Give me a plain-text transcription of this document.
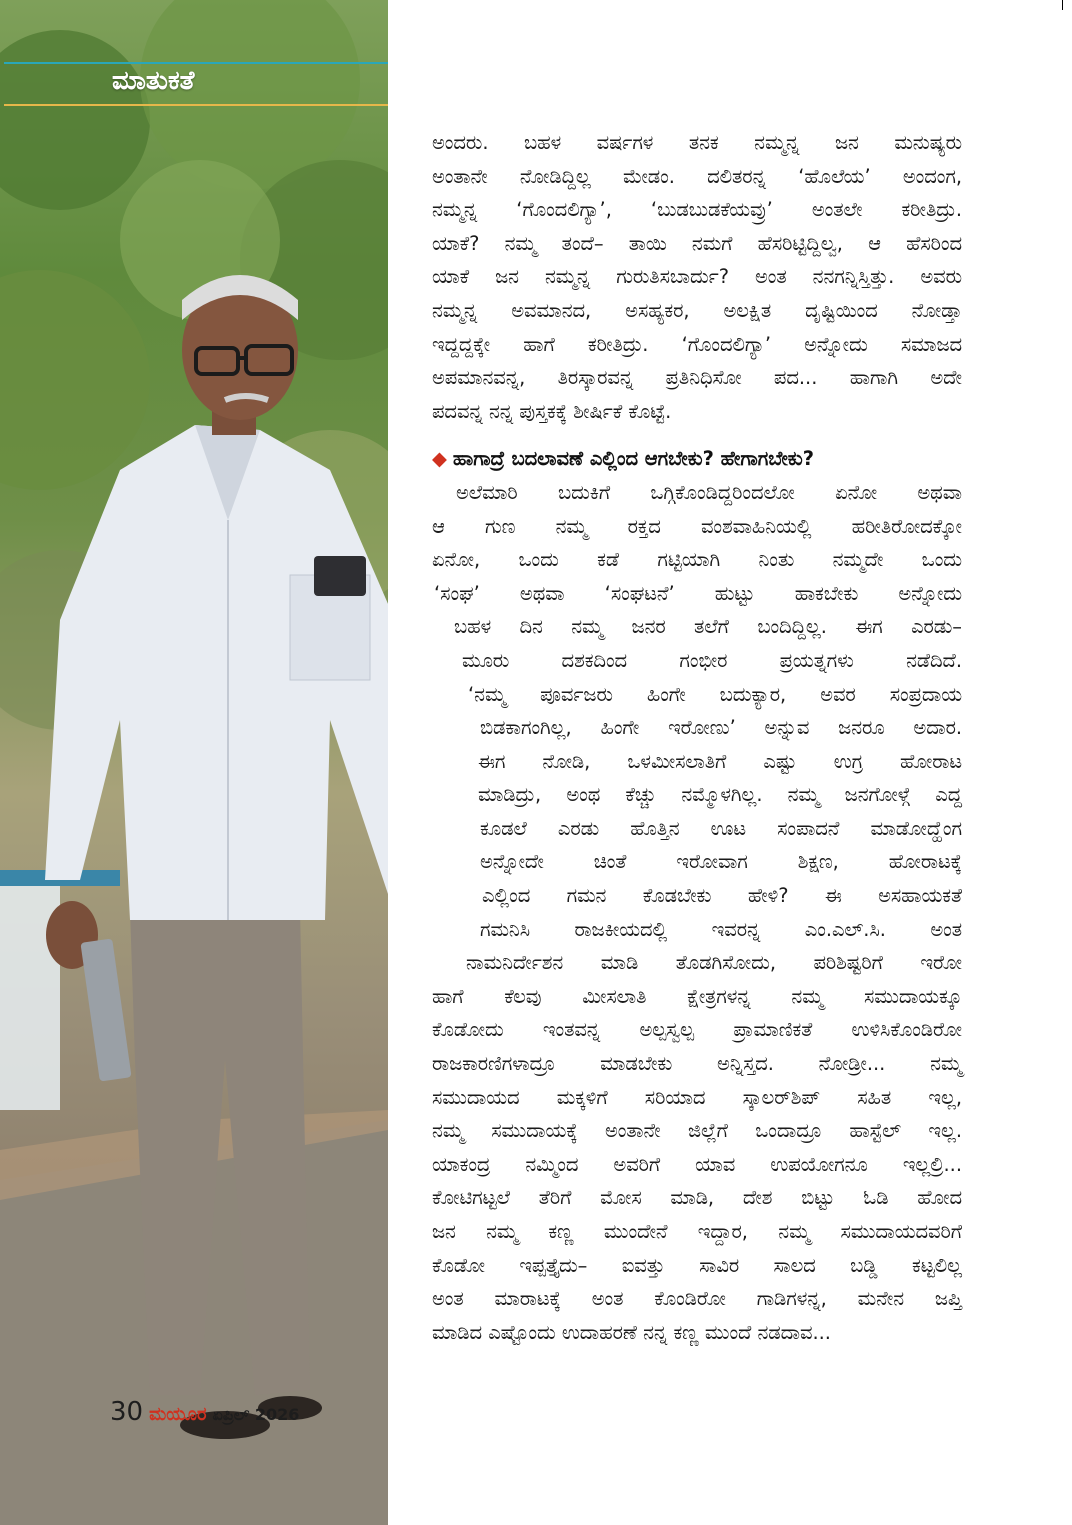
ಮಾತುಕತೆ
30 ಮಯೂರ ಏಪ್ರಿಲ್ 2026
ಅಂದರು. ಬಹಳ ವರ್ಷಗಳ ತನಕ ನಮ್ಮನ್ನ ಜನ ಮನುಷ್ಯರು
ಅಂತಾನೇ ನೋಡಿದ್ದಿಲ್ಲ ಮೇಡಂ. ದಲಿತರನ್ನ ‘ಹೊಲೆಯ’ ಅಂದಂಗ,
ನಮ್ಮನ್ನ ‘ಗೊಂದಲಿಗ್ಯಾ’, ‘ಬುಡಬುಡಕೆಯವ್ರು’ ಅಂತಲೇ ಕರೀತಿದ್ರು.
ಯಾಕೆ? ನಮ್ಮ ತಂದೆ– ತಾಯಿ ನಮಗೆ ಹೆಸರಿಟ್ಟಿದ್ದಿಲ್ವ, ಆ ಹೆಸರಿಂದ
ಯಾಕೆ ಜನ ನಮ್ಮನ್ನ ಗುರುತಿಸಬಾರ್ದು? ಅಂತ ನನಗನ್ನಿಸ್ತಿತ್ತು. ಅವರು
ನಮ್ಮನ್ನ ಅವಮಾನದ, ಅಸಹ್ಯಕರ, ಅಲಕ್ಷಿತ ದೃಷ್ಟಿಯಿಂದ ನೋಡ್ತಾ
ಇದ್ದದ್ದಕ್ಕೇ ಹಾಗೆ ಕರೀತಿದ್ರು. ‘ಗೊಂದಲಿಗ್ಯಾ’ ಅನ್ನೋದು ಸಮಾಜದ
ಅಪಮಾನವನ್ನ, ತಿರಸ್ಕಾರವನ್ನ ಪ್ರತಿನಿಧಿಸೋ ಪದ... ಹಾಗಾಗಿ ಅದೇ
ಪದವನ್ನ ನನ್ನ ಪುಸ್ತಕಕ್ಕೆ ಶೀರ್ಷಿಕೆ ಕೊಟ್ಟೆ.
◆ ಹಾಗಾದ್ರೆ ಬದಲಾವಣೆ ಎಲ್ಲಿಂದ ಆಗಬೇಕು? ಹೇಗಾಗಬೇಕು?
ಅಲೆಮಾರಿ ಬದುಕಿಗೆ ಒಗ್ಗಿಕೊಂಡಿದ್ದರಿಂದಲೋ ಏನೋ ಅಥವಾ
ಆ ಗುಣ ನಮ್ಮ ರಕ್ತದ ವಂಶವಾಹಿನಿಯಲ್ಲಿ ಹರೀತಿರೋದಕ್ಕೋ
ಏನೋ, ಒಂದು ಕಡೆ ಗಟ್ಟಿಯಾಗಿ ನಿಂತು ನಮ್ಮದೇ ಒಂದು
‘ಸಂಘ’ ಅಥವಾ ‘ಸಂಘಟನೆ’ ಹುಟ್ಟು ಹಾಕಬೇಕು ಅನ್ನೋದು
ಬಹಳ ದಿನ ನಮ್ಮ ಜನರ ತಲೆಗೆ ಬಂದಿದ್ದಿಲ್ಲ. ಈಗ ಎರಡು–
ಮೂರು ದಶಕದಿಂದ ಗಂಭೀರ ಪ್ರಯತ್ನಗಳು ನಡೆದಿದೆ.
‘ನಮ್ಮ ಪೂರ್ವಜರು ಹಿಂಗೇ ಬದುಕ್ಯಾರ, ಅವರ ಸಂಪ್ರದಾಯ
ಬಿಡಕಾಗಂಗಿಲ್ಲ, ಹಿಂಗೇ ಇರೋಣು’ ಅನ್ನುವ ಜನರೂ ಅದಾರ.
ಈಗ ನೋಡಿ, ಒಳಮೀಸಲಾತಿಗೆ ಎಷ್ಟು ಉಗ್ರ ಹೋರಾಟ
ಮಾಡಿದ್ರು, ಅಂಥ ಕೆಚ್ಚು ನಮ್ಮೊಳಗಿಲ್ಲ. ನಮ್ಮ ಜನಗೋಳ್ಗೆ ಎದ್ದ
ಕೂಡಲೆ ಎರಡು ಹೊತ್ತಿನ ಊಟ ಸಂಪಾದನೆ ಮಾಡೋದ್ಹೆಂಗ
ಅನ್ನೋದೇ ಚಿಂತೆ ಇರೋವಾಗ ಶಿಕ್ಷಣ, ಹೋರಾಟಕ್ಕೆ
ಎಲ್ಲಿಂದ ಗಮನ ಕೊಡಬೇಕು ಹೇಳಿ? ಈ ಅಸಹಾಯಕತೆ
ಗಮನಿಸಿ ರಾಜಕೀಯದಲ್ಲಿ ಇವರನ್ನ ಎಂ.ಎಲ್.ಸಿ. ಅಂತ
ನಾಮನಿರ್ದೇಶನ ಮಾಡಿ ತೊಡಗಿಸೋದು, ಪರಿಶಿಷ್ಟರಿಗೆ ಇರೋ
ಹಾಗೆ ಕೆಲವು ಮೀಸಲಾತಿ ಕ್ಷೇತ್ರಗಳನ್ನ ನಮ್ಮ ಸಮುದಾಯಕ್ಕೂ
ಕೊಡೋದು ಇಂತವನ್ನ ಅಲ್ಪಸ್ವಲ್ಪ ಪ್ರಾಮಾಣಿಕತೆ ಉಳಿಸಿಕೊಂಡಿರೋ
ರಾಜಕಾರಣಿಗಳಾದ್ರೂ ಮಾಡಬೇಕು ಅನ್ನಿಸ್ತದ. ನೋಡ್ರೀ... ನಮ್ಮ
ಸಮುದಾಯದ ಮಕ್ಕಳಿಗೆ ಸರಿಯಾದ ಸ್ಕಾಲರ್‌ಶಿಪ್ ಸಹಿತ ಇಲ್ಲ,
ನಮ್ಮ ಸಮುದಾಯಕ್ಕೆ ಅಂತಾನೇ ಜಿಲ್ಲೆಗೆ ಒಂದಾದ್ರೂ ಹಾಸ್ಟೆಲ್ ಇಲ್ಲ.
ಯಾಕಂದ್ರ ನಮ್ಮಿಂದ ಅವರಿಗೆ ಯಾವ ಉಪಯೋಗನೂ ಇಲ್ಲಲ್ರಿ...
ಕೋಟಿಗಟ್ಟಲೆ ತೆರಿಗೆ ಮೋಸ ಮಾಡಿ, ದೇಶ ಬಿಟ್ಟು ಓಡಿ ಹೋದ
ಜನ ನಮ್ಮ ಕಣ್ಣ ಮುಂದೇನೆ ಇದ್ದಾರ, ನಮ್ಮ ಸಮುದಾಯದವರಿಗೆ
ಕೊಡೋ ಇಪ್ಪತ್ತೈದು– ಐವತ್ತು ಸಾವಿರ ಸಾಲದ ಬಡ್ಡಿ ಕಟ್ಟಲಿಲ್ಲ
ಅಂತ ಮಾರಾಟಕ್ಕೆ ಅಂತ ಕೊಂಡಿರೋ ಗಾಡಿಗಳನ್ನ, ಮನೇನ ಜಪ್ತಿ
ಮಾಡಿದ ಎಷ್ಟೊಂದು ಉದಾಹರಣೆ ನನ್ನ ಕಣ್ಣ ಮುಂದೆ ನಡದಾವ...
